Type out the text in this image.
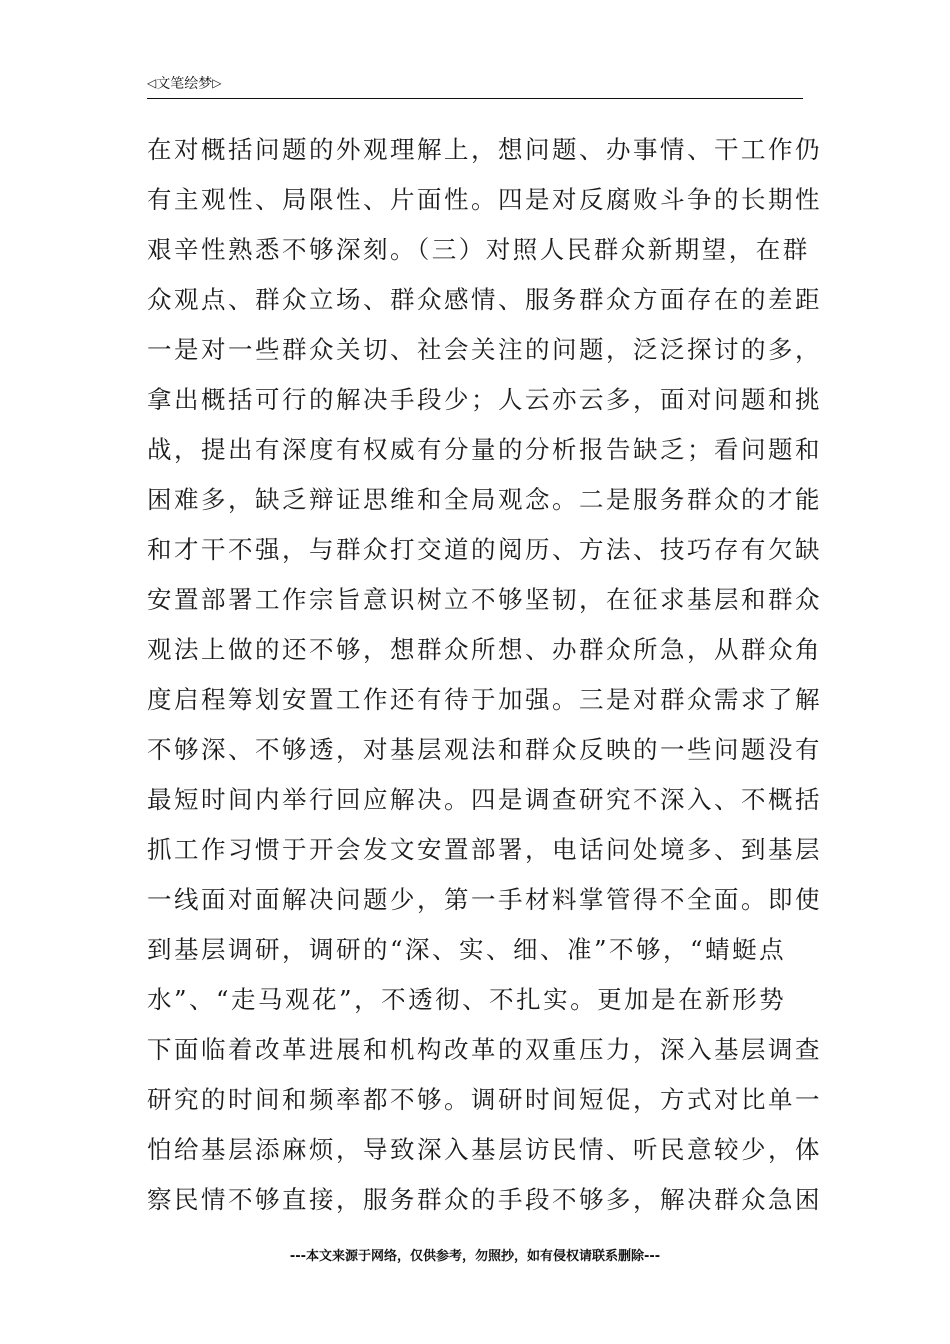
◁文笔绘梦▷
在对概括问题的外观理解上，想问题、办事情、干工作仍
有主观性、局限性、片面性。四是对反腐败斗争的长期性
艰辛性熟悉不够深刻。（三）对照人民群众新期望，在群
众观点、群众立场、群众感情、服务群众方面存在的差距
一是对一些群众关切、社会关注的问题，泛泛探讨的多，
拿出概括可行的解决手段少；人云亦云多，面对问题和挑
战，提出有深度有权威有分量的分析报告缺乏；看问题和
困难多，缺乏辩证思维和全局观念。二是服务群众的才能
和才干不强，与群众打交道的阅历、方法、技巧存有欠缺
安置部署工作宗旨意识树立不够坚韧，在征求基层和群众
观法上做的还不够，想群众所想、办群众所急，从群众角
度启程筹划安置工作还有待于加强。三是对群众需求了解
不够深、不够透，对基层观法和群众反映的一些问题没有
最短时间内举行回应解决。四是调查研究不深入、不概括
抓工作习惯于开会发文安置部署，电话问处境多、到基层
一线面对面解决问题少，第一手材料掌管得不全面。即使
到基层调研，调研的“深、实、细、准”不够，“蜻蜓点
水”、“走马观花”，不透彻、不扎实。更加是在新形势
下面临着改革进展和机构改革的双重压力，深入基层调查
研究的时间和频率都不够。调研时间短促，方式对比单一
怕给基层添麻烦，导致深入基层访民情、听民意较少，体
察民情不够直接，服务群众的手段不够多，解决群众急困
---本文来源于网络，仅供参考，勿照抄，如有侵权请联系删除---
